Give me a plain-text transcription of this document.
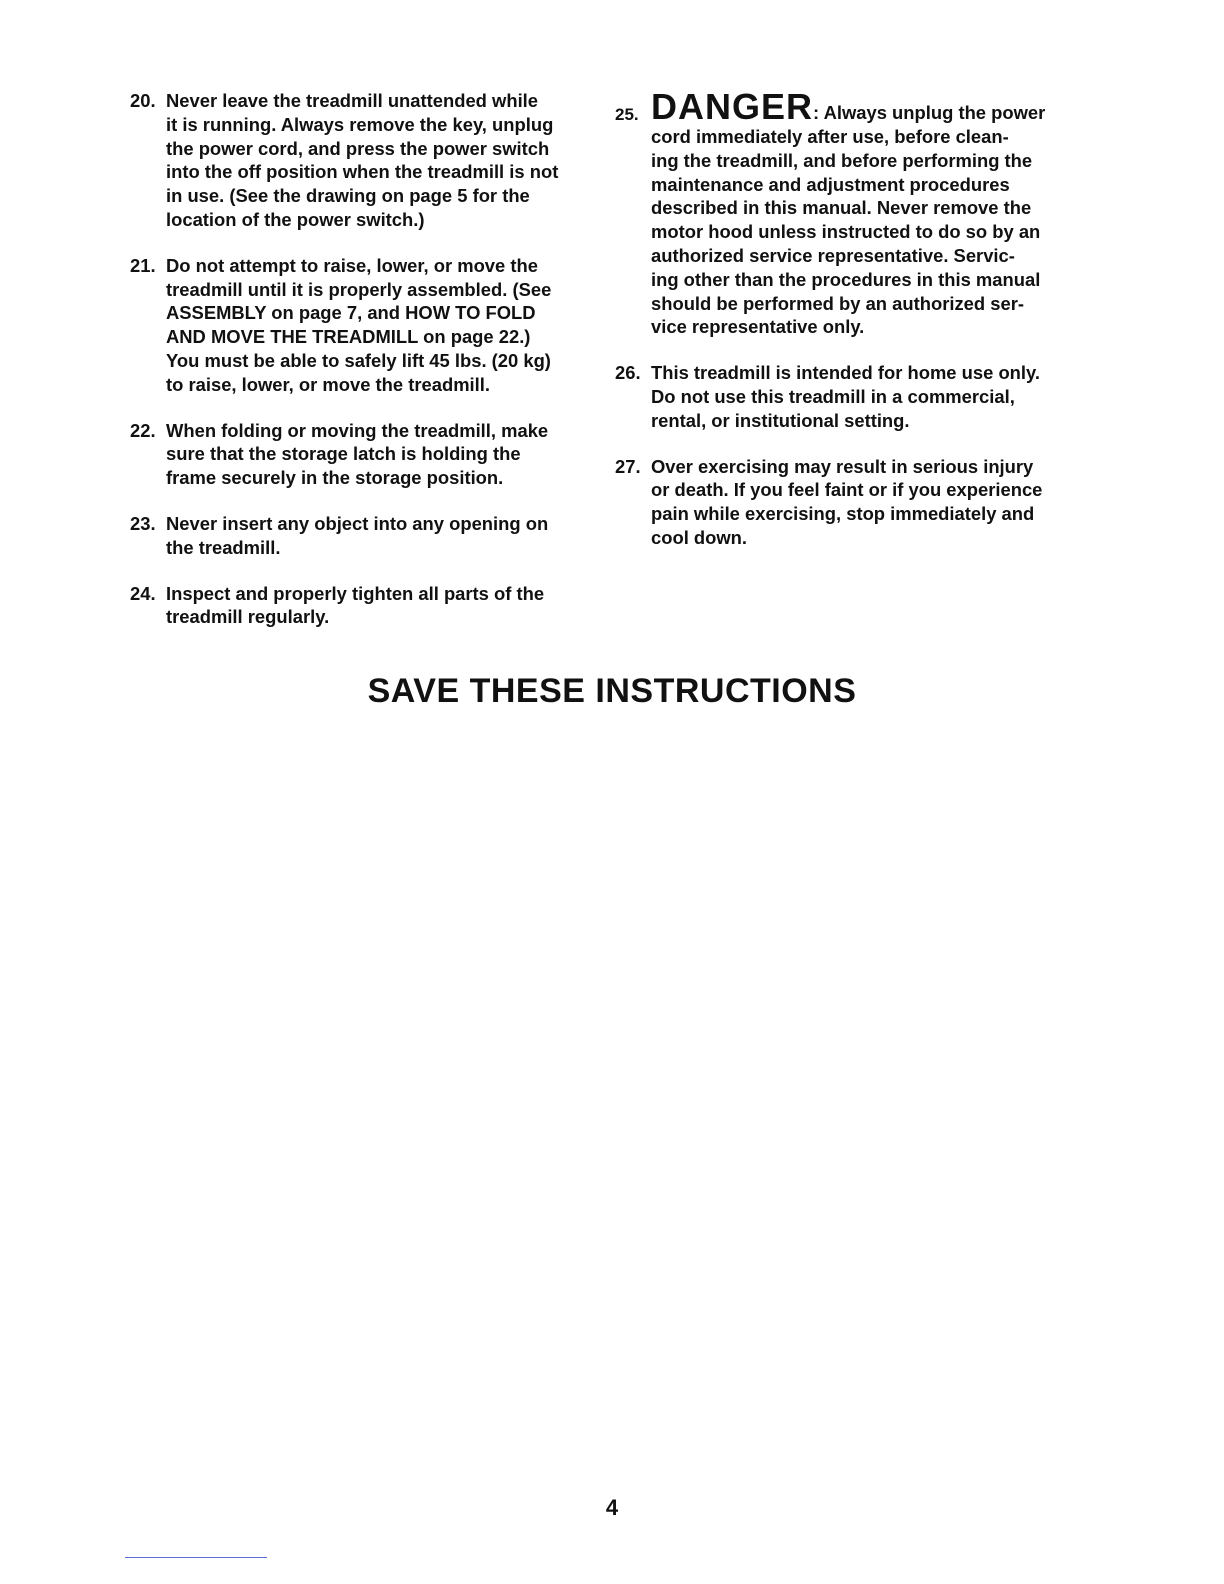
20. Never leave the treadmill unattended while
it is running. Always remove the key, unplug
the power cord, and press the power switch
into the off position when the treadmill is not
in use. (See the drawing on page 5 for the
location of the power switch.)
21. Do not attempt to raise, lower, or move the
treadmill until it is properly assembled. (See
ASSEMBLY on page 7, and HOW TO FOLD
AND MOVE THE TREADMILL on page 22.)
You must be able to safely lift 45 lbs. (20 kg)
to raise, lower, or move the treadmill.
22. When folding or moving the treadmill, make
sure that the storage latch is holding the
frame securely in the storage position.
23. Never insert any object into any opening on
the treadmill.
24. Inspect and properly tighten all parts of the
treadmill regularly.
25. DANGER: Always unplug the power
cord immediately after use, before clean-
ing the treadmill, and before performing the
maintenance and adjustment procedures
described in this manual. Never remove the
motor hood unless instructed to do so by an
authorized service representative. Servic-
ing other than the procedures in this manual
should be performed by an authorized ser-
vice representative only.
26. This treadmill is intended for home use only.
Do not use this treadmill in a commercial,
rental, or institutional setting.
27. Over exercising may result in serious injury
or death. If you feel faint or if you experience
pain while exercising, stop immediately and
cool down.
SAVE THESE INSTRUCTIONS
4
